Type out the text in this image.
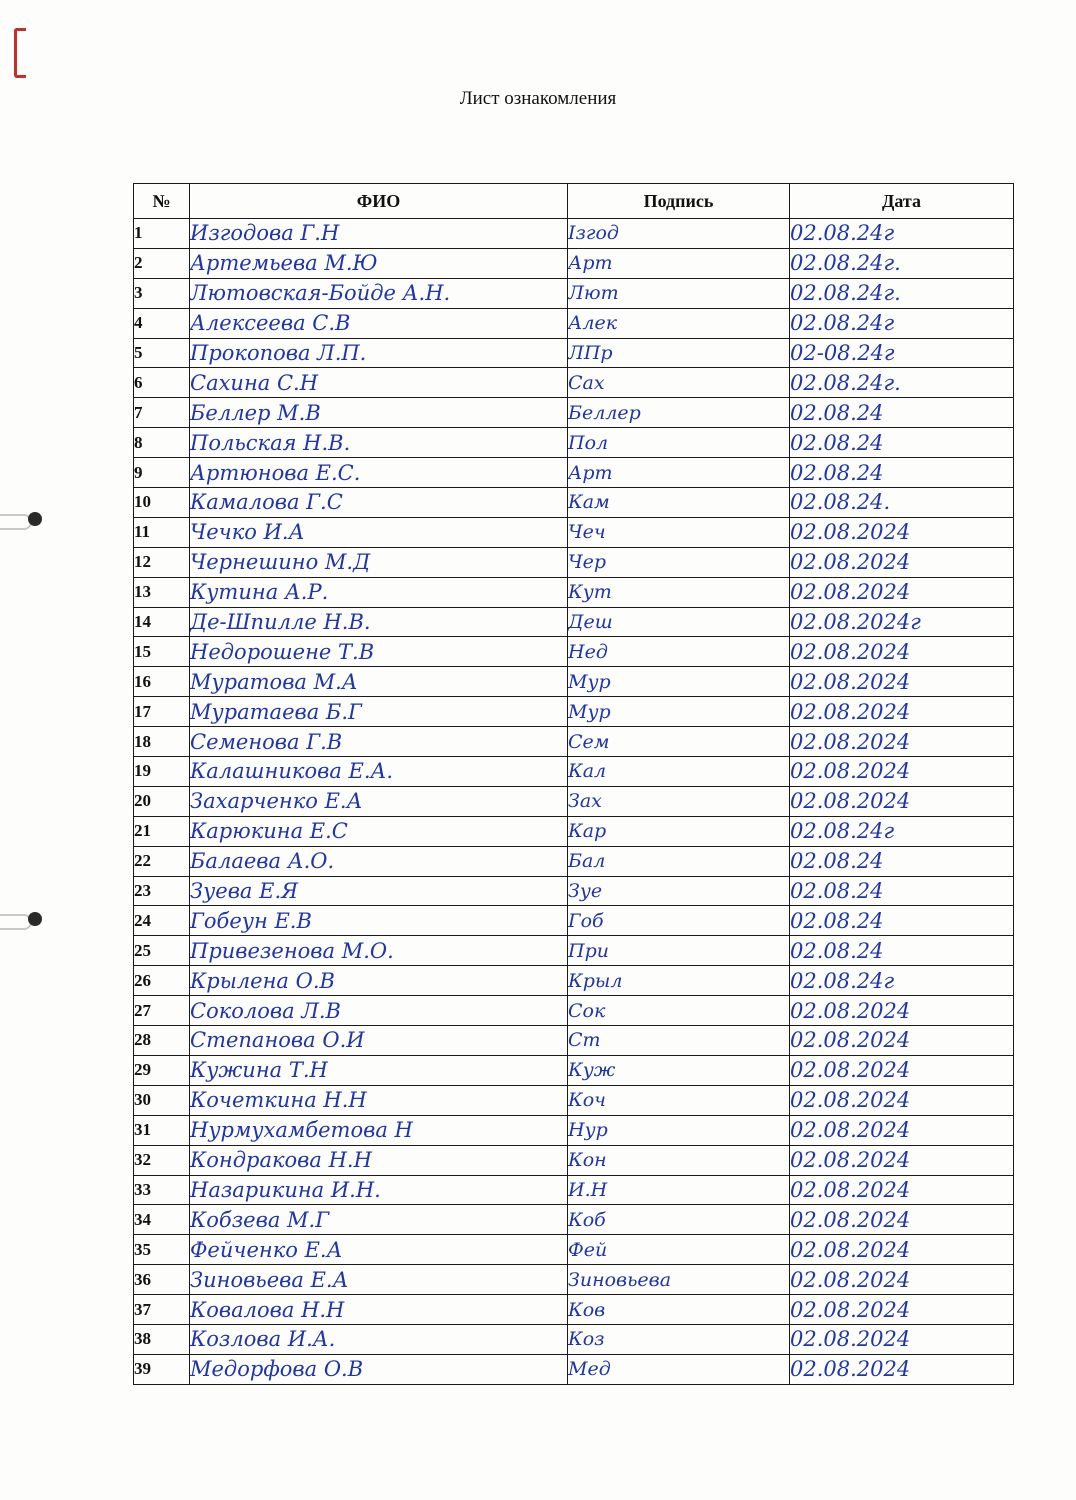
Лист ознакомления
№	ФИО	Подпись	Дата
1	Изгодова Г.Н	Ізгод	02.08.24г
2	Артемьева М.Ю	Арт	02.08.24г.
3	Лютовская-Бойде А.Н.	Лют	02.08.24г.
4	Алексеева С.В	Алек	02.08.24г
5	Прокопова Л.П.	ЛПр	02-08.24г
6	Сахина С.Н	Сах	02.08.24г.
7	Беллер М.В	Беллер	02.08.24
8	Польская Н.В.	Пол	02.08.24
9	Артюнова Е.С.	Арт	02.08.24
10	Камалова Г.С	Кам	02.08.24.
11	Чечко И.А	Чеч	02.08.2024
12	Чернешино М.Д	Чер	02.08.2024
13	Кутина А.Р.	Кут	02.08.2024
14	Де-Шпилле Н.В.	Деш	02.08.2024г
15	Недорошене Т.В	Нед	02.08.2024
16	Муратова М.А	Мур	02.08.2024
17	Муратаева Б.Г	Мур	02.08.2024
18	Семенова Г.В	Сем	02.08.2024
19	Калашникова Е.А.	Кал	02.08.2024
20	Захарченко Е.А	Зах	02.08.2024
21	Карюкина Е.С	Кар	02.08.24г
22	Балаева А.О.	Бал	02.08.24
23	Зуева Е.Я	Зуе	02.08.24
24	Гобеун Е.В	Гоб	02.08.24
25	Привезенова М.О.	При	02.08.24
26	Крылена О.В	Крыл	02.08.24г
27	Соколова Л.В	Сок	02.08.2024
28	Степанова О.И	Ст	02.08.2024
29	Кужина Т.Н	Куж	02.08.2024
30	Кочеткина Н.Н	Коч	02.08.2024
31	Нурмухамбетова Н	Нур	02.08.2024
32	Кондракова Н.Н	Кон	02.08.2024
33	Назарикина И.Н.	И.Н	02.08.2024
34	Кобзева М.Г	Коб	02.08.2024
35	Фейченко Е.А	Фей	02.08.2024
36	Зиновьева Е.А	Зиновьева	02.08.2024
37	Ковалова Н.Н	Ков	02.08.2024
38	Козлова И.А.	Коз	02.08.2024
39	Медорфова О.В	Мед	02.08.2024
